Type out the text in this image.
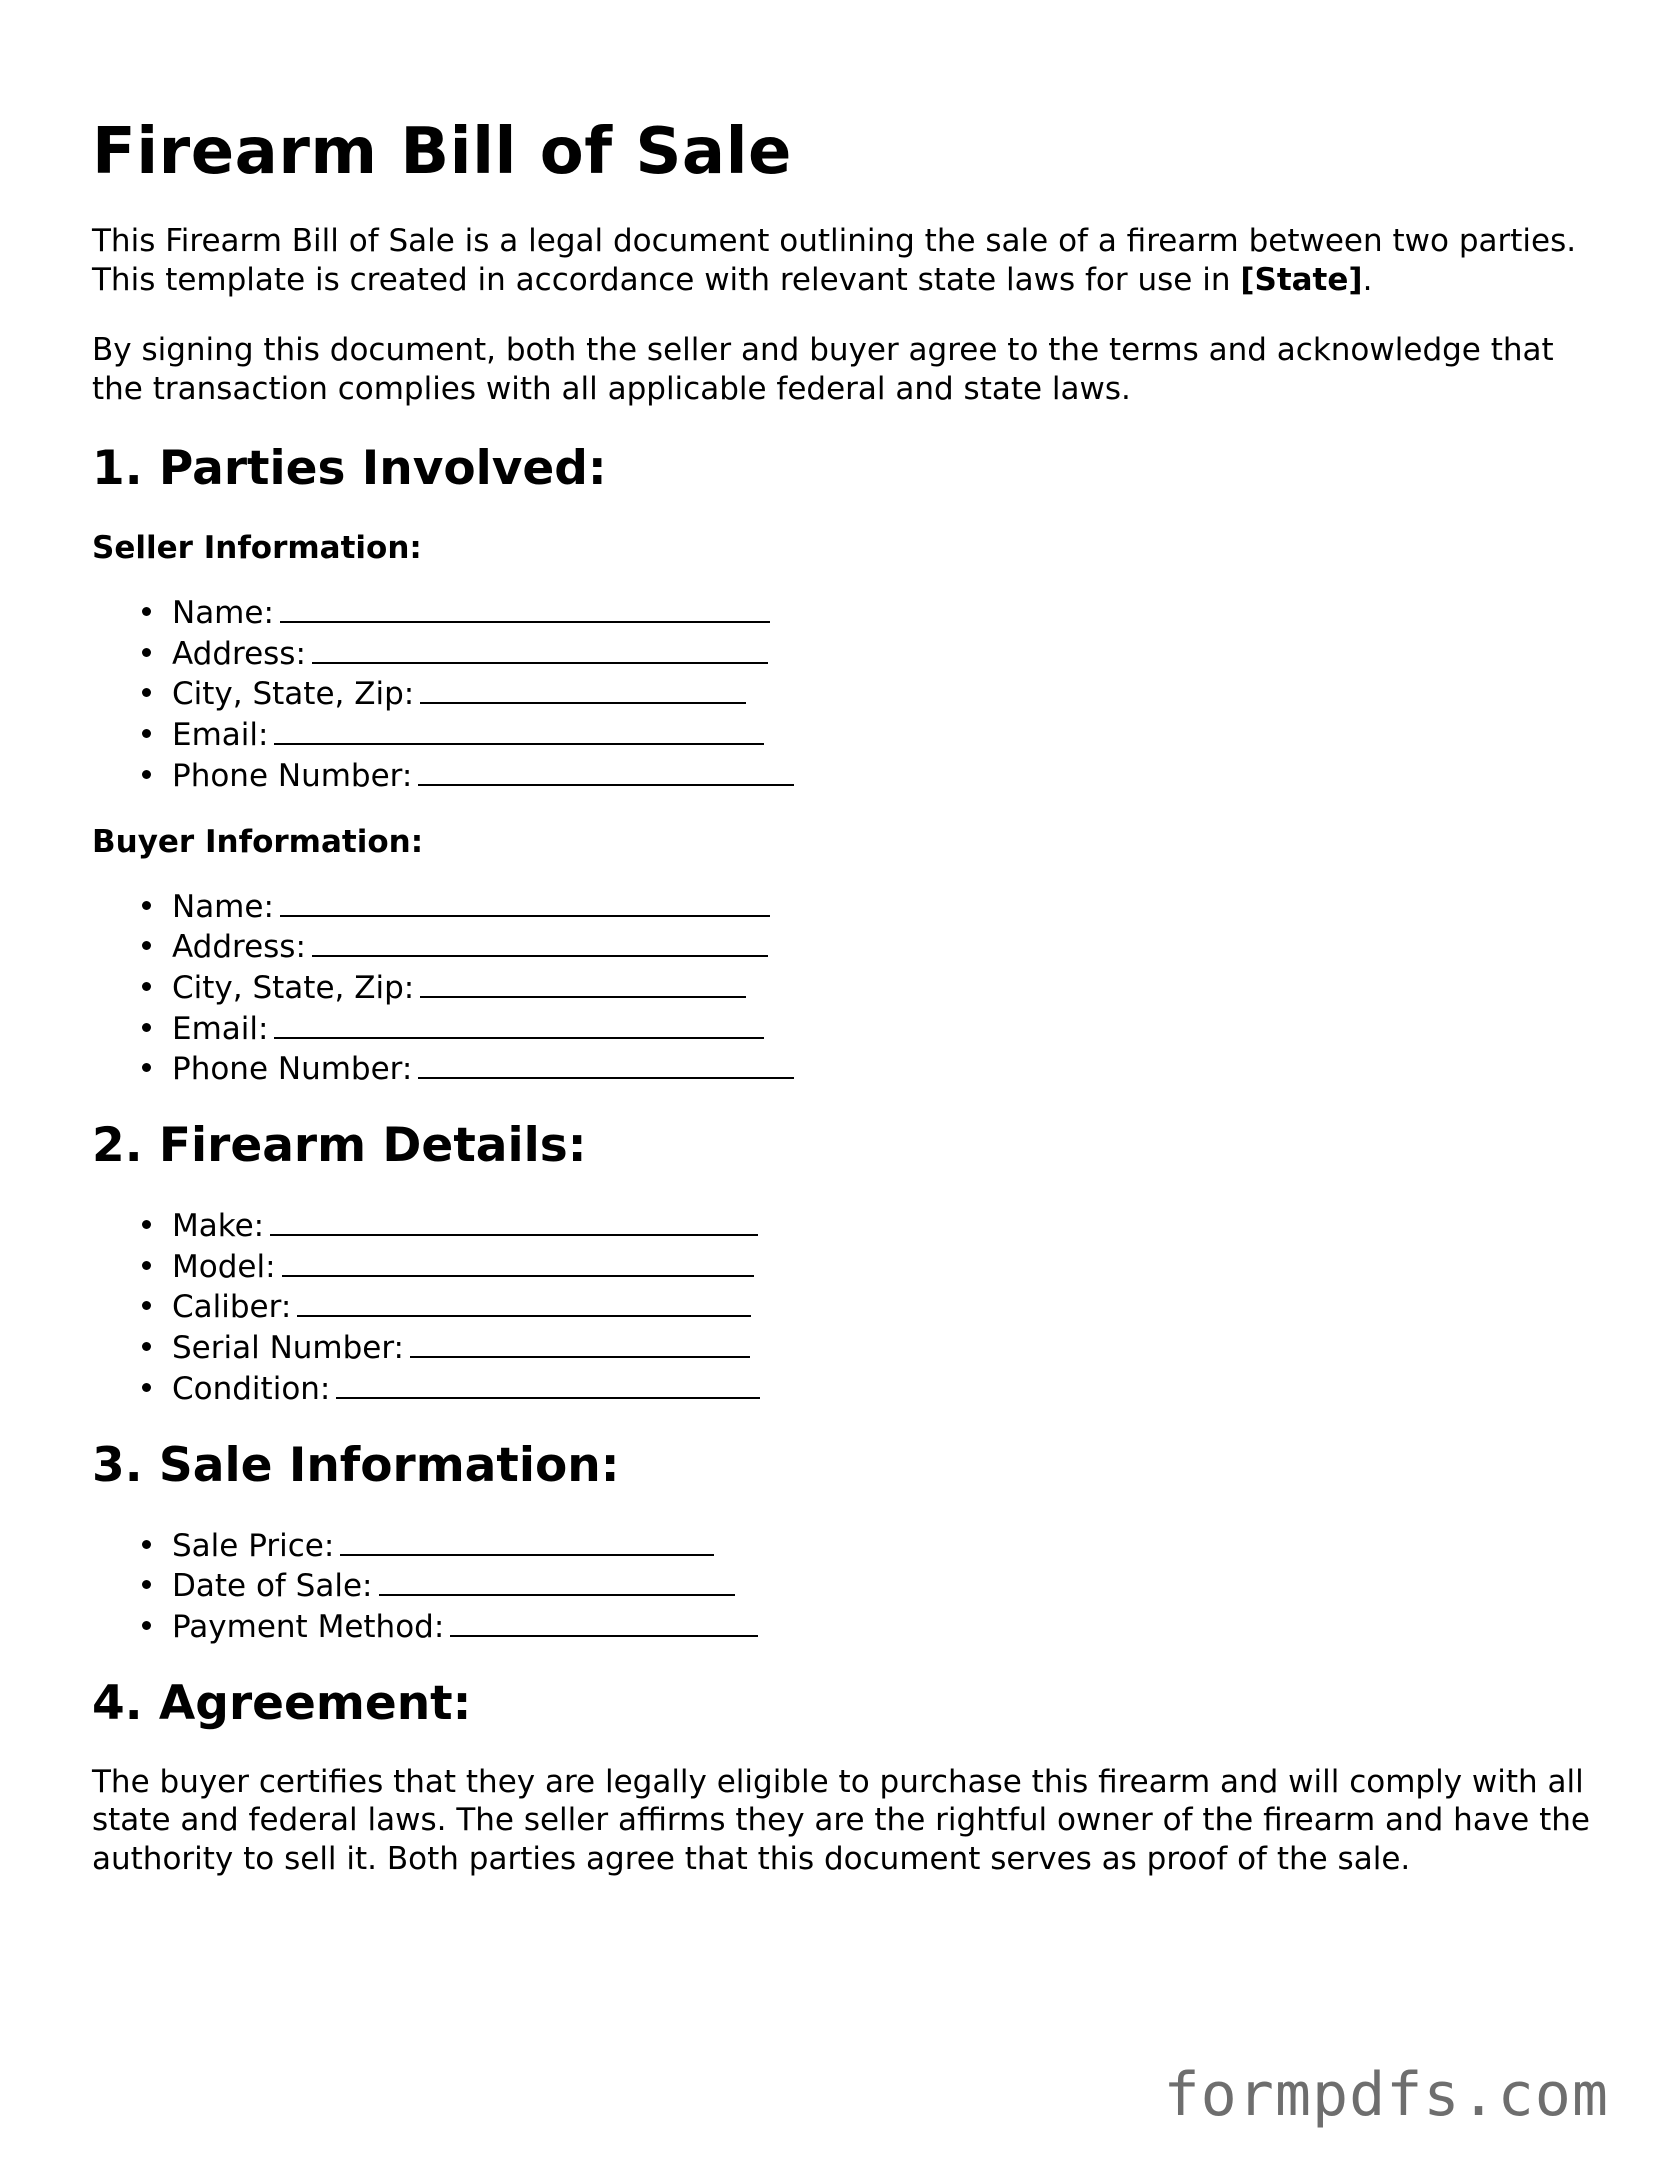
Firearm Bill of Sale

This Firearm Bill of Sale is a legal document outlining the sale of a firearm between two parties. This template is created in accordance with relevant state laws for use in [State].

By signing this document, both the seller and buyer agree to the terms and acknowledge that the transaction complies with all applicable federal and state laws.

1. Parties Involved:
Seller Information:
Name:
Address:
City, State, Zip:
Email:
Phone Number:
Buyer Information:
Name:
Address:
City, State, Zip:
Email:
Phone Number:
2. Firearm Details:
Make:
Model:
Caliber:
Serial Number:
Condition:
3. Sale Information:
Sale Price:
Date of Sale:
Payment Method:
4. Agreement:

The buyer certifies that they are legally eligible to purchase this firearm and will comply with all state and federal laws. The seller affirms they are the rightful owner of the firearm and have the authority to sell it. Both parties agree that this document serves as proof of the sale.

formpdfs.com
